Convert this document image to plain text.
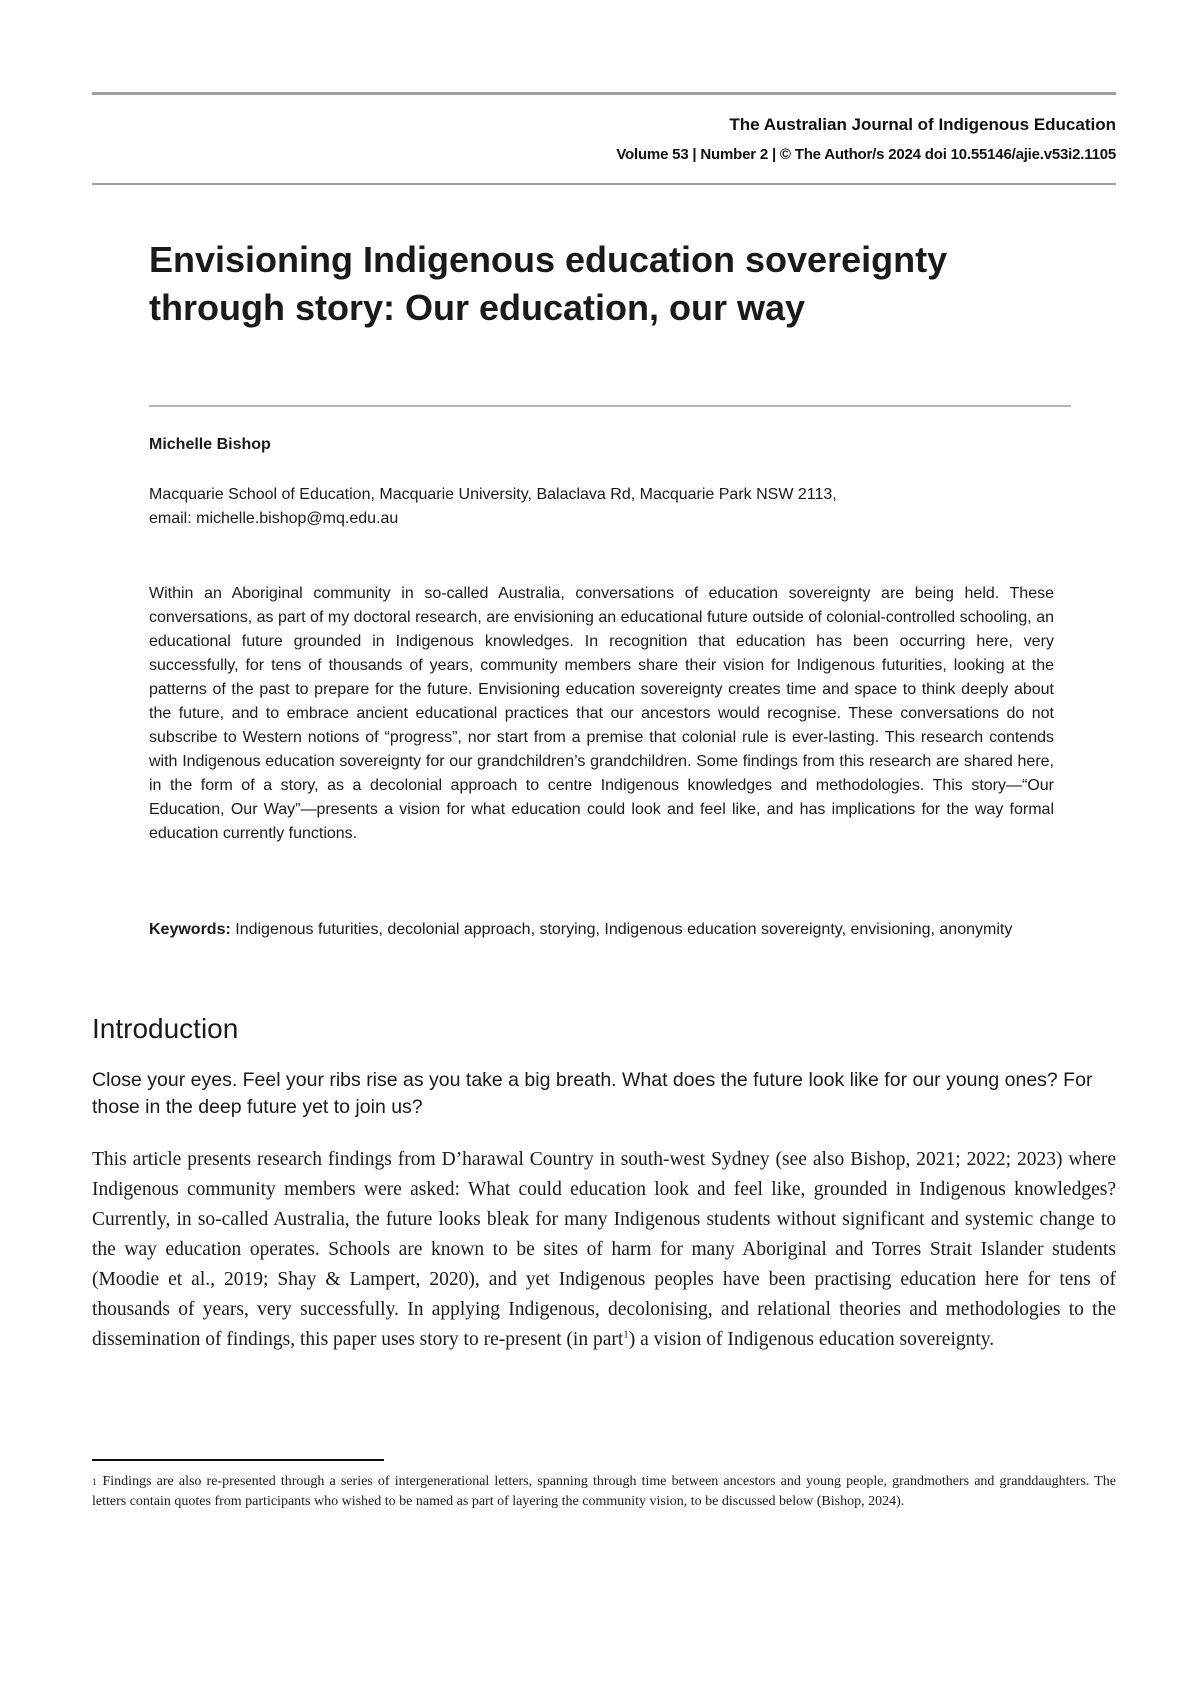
The Australian Journal of Indigenous Education
Volume 53 | Number 2 | © The Author/s 2024 doi 10.55146/ajie.v53i2.1105
Envisioning Indigenous education sovereignty through story: Our education, our way
Michelle Bishop
Macquarie School of Education, Macquarie University, Balaclava Rd, Macquarie Park NSW 2113,
email: michelle.bishop@mq.edu.au

Within an Aboriginal community in so-called Australia, conversations of education sovereignty are being held. These conversations, as part of my doctoral research, are envisioning an educational future outside of colonial-controlled schooling, an educational future grounded in Indigenous knowledges. In recognition that education has been occurring here, very successfully, for tens of thousands of years, community members share their vision for Indigenous futurities, looking at the patterns of the past to prepare for the future. Envisioning education sovereignty creates time and space to think deeply about the future, and to embrace ancient educational practices that our ancestors would recognise. These conversations do not subscribe to Western notions of “progress”, nor start from a premise that colonial rule is ever-lasting. This research contends with Indigenous education sovereignty for our grandchildren’s grandchildren. Some findings from this research are shared here, in the form of a story, as a decolonial approach to centre Indigenous knowledges and methodologies. This story—“Our Education, Our Way”—presents a vision for what education could look and feel like, and has implications for the way formal education currently functions.

Keywords: Indigenous futurities, decolonial approach, storying, Indigenous education sovereignty, envisioning, anonymity

Introduction

Close your eyes. Feel your ribs rise as you take a big breath. What does the future look like for our young ones? For those in the deep future yet to join us?

This article presents research findings from D’harawal Country in south-west Sydney (see also Bishop, 2021; 2022; 2023) where Indigenous community members were asked: What could education look and feel like, grounded in Indigenous knowledges? Currently, in so-called Australia, the future looks bleak for many Indigenous students without significant and systemic change to the way education operates. Schools are known to be sites of harm for many Aboriginal and Torres Strait Islander students (Moodie et al., 2019; Shay & Lampert, 2020), and yet Indigenous peoples have been practising education here for tens of thousands of years, very successfully. In applying Indigenous, decolonising, and relational theories and methodologies to the dissemination of findings, this paper uses story to re-present (in part$^1$) a vision of Indigenous education sovereignty.

$^1$ Findings are also re-presented through a series of intergenerational letters, spanning through time between ancestors and young people, grandmothers and granddaughters. The letters contain quotes from participants who wished to be named as part of layering the community vision, to be discussed below (Bishop, 2024).
